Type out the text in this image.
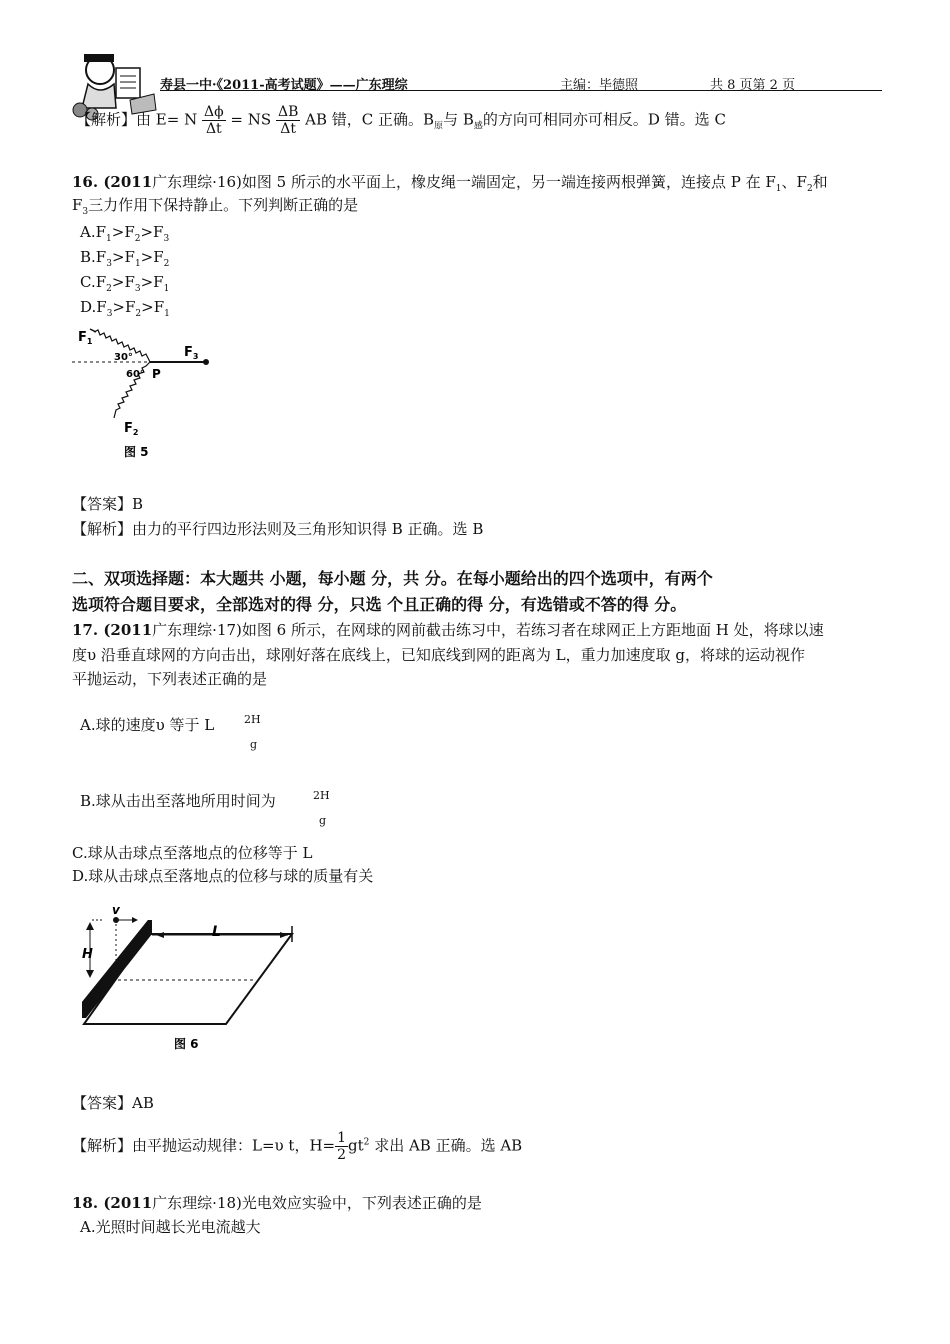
寿县一中·《2011-高考试题》——广东理综	主编：毕德照	共 8 页第 2 页
【解析】由 E= N $\frac{\Delta\phi}{\Delta t}$ = NS $\frac{\Delta B}{\Delta t}$ AB 错，C 正确。$B_原$与 $B_感$的方向可相同亦可相反。D 错。选 C
16. (2011广东理综·16)如图 5 所示的水平面上，橡皮绳一端固定，另一端连接两根弹簧，连接点 P 在 $F_1$、$F_2$和
$F_3$三力作用下保持静止。下列判断正确的是
$A.F_1>F_2>F_3$
$B.F_3>F_1>F_2$
$C.F_2>F_3>F_1$
$D.F_3>F_2>F_1$
$F_1$
30°
60° P
$F_3$
$F_2$
图 5
【答案】B
【解析】由力的平行四边形法则及三角形知识得 B 正确。选 B
二、双项选择题：本大题共 小题，每小题 分，共 分。在每小题给出的四个选项中，有两个
选项符合题目要求，全部选对的得 分，只选 个且正确的得 分，有选错或不答的得 分。
17. (2011广东理综·17)如图 6 所示，在网球的网前截击练习中，若练习者在球网正上方距地面 H 处，将球以速
度υ 沿垂直球网的方向击出，球刚好落在底线上，已知底线到网的距离为 L，重力加速度取 g，将球的运动视作
平抛运动，下列表述正确的是
A.球的速度υ 等于 L	2H
g
B.球从击出至落地所用时间为	2H
g
C.球从击球点至落地点的位移等于 L
D.球从击球点至落地点的位移与球的质量有关
L
v
H
图 6
【答案】AB
【解析】由平抛运动规律：L=υ t，$H= \frac{1}{2} gt^2$ 求出 AB 正确。选 AB
18. (2011广东理综·18)光电效应实验中，下列表述正确的是
A.光照时间越长光电流越大
